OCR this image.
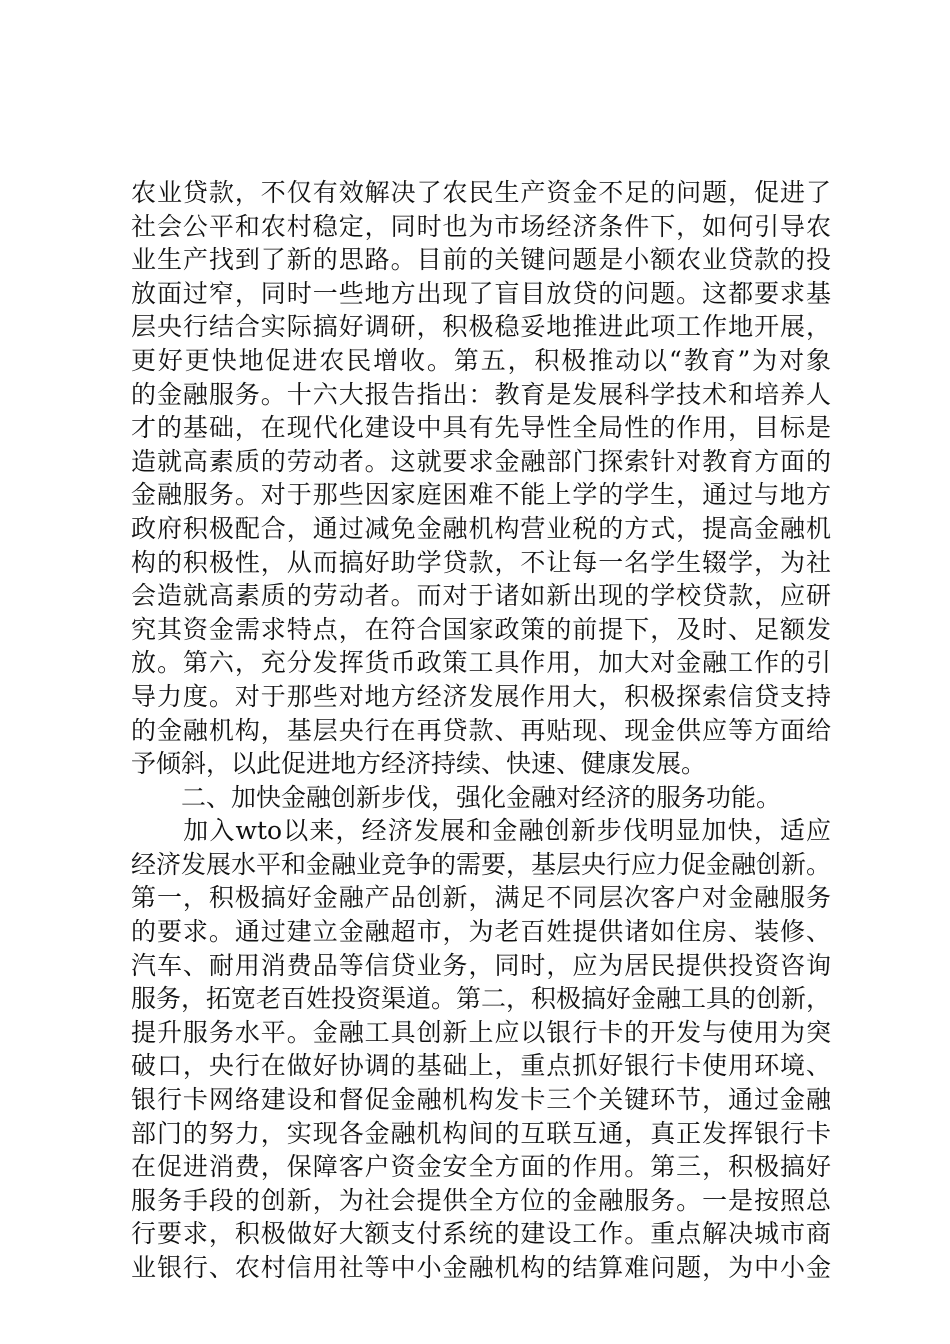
农业贷款，不仅有效解决了农民生产资金不足的问题，促进了
社会公平和农村稳定，同时也为市场经济条件下，如何引导农
业生产找到了新的思路。目前的关键问题是小额农业贷款的投
放面过窄，同时一些地方出现了盲目放贷的问题。这都要求基
层央行结合实际搞好调研，积极稳妥地推进此项工作地开展，
更好更快地促进农民增收。第五，积极推动以“教育”为对象
的金融服务。十六大报告指出：教育是发展科学技术和培养人
才的基础，在现代化建设中具有先导性全局性的作用，目标是
造就高素质的劳动者。这就要求金融部门探索针对教育方面的
金融服务。对于那些因家庭困难不能上学的学生，通过与地方
政府积极配合，通过减免金融机构营业税的方式，提高金融机
构的积极性，从而搞好助学贷款，不让每一名学生辍学，为社
会造就高素质的劳动者。而对于诸如新出现的学校贷款，应研
究其资金需求特点，在符合国家政策的前提下，及时、足额发
放。第六，充分发挥货币政策工具作用，加大对金融工作的引
导力度。对于那些对地方经济发展作用大，积极探索信贷支持
的金融机构，基层央行在再贷款、再贴现、现金供应等方面给
予倾斜，以此促进地方经济持续、快速、健康发展。
　　二、加快金融创新步伐，强化金融对经济的服务功能。
　　加入wto以来，经济发展和金融创新步伐明显加快，适应
经济发展水平和金融业竞争的需要，基层央行应力促金融创新。
第一，积极搞好金融产品创新，满足不同层次客户对金融服务
的要求。通过建立金融超市，为老百姓提供诸如住房、装修、
汽车、耐用消费品等信贷业务，同时，应为居民提供投资咨询
服务，拓宽老百姓投资渠道。第二，积极搞好金融工具的创新，
提升服务水平。金融工具创新上应以银行卡的开发与使用为突
破口，央行在做好协调的基础上，重点抓好银行卡使用环境、
银行卡网络建设和督促金融机构发卡三个关键环节，通过金融
部门的努力，实现各金融机构间的互联互通，真正发挥银行卡
在促进消费，保障客户资金安全方面的作用。第三，积极搞好
服务手段的创新，为社会提供全方位的金融服务。一是按照总
行要求，积极做好大额支付系统的建设工作。重点解决城市商
业银行、农村信用社等中小金融机构的结算难问题，为中小金
